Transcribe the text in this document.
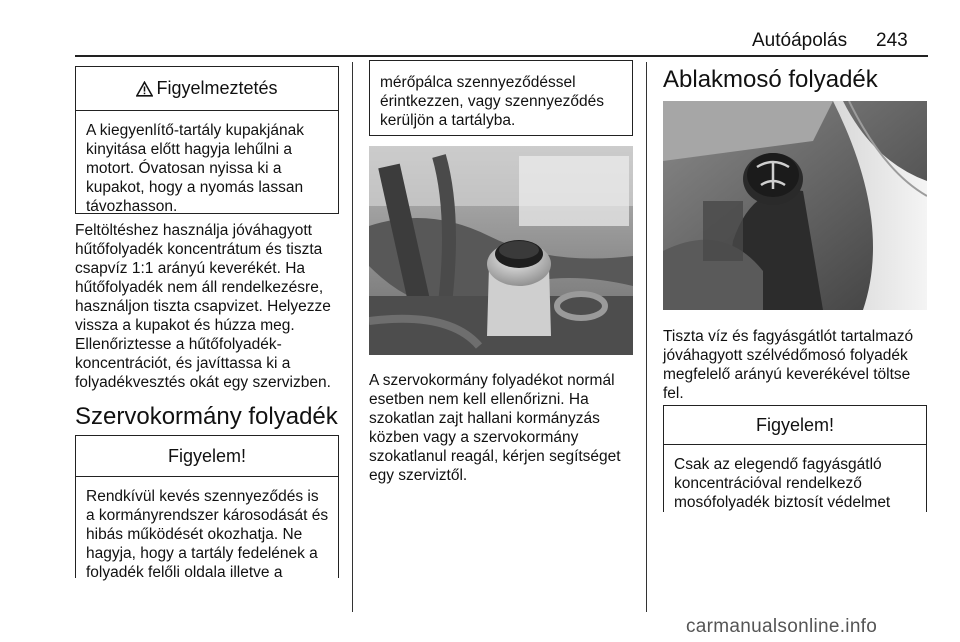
Autóápolás 243
Figyelmeztetés
A kiegyenlítő-tartály kupakjának kinyitása előtt hagyja lehűlni a motort. Óvatosan nyissa ki a kupakot, hogy a nyomás lassan távozhasson.
Feltöltéshez használja jóváhagyott hűtőfolyadék koncentrátum és tiszta csapvíz 1:1 arányú keverékét. Ha hűtőfolyadék nem áll rendelkezésre, használjon tiszta csapvizet. Helyezze vissza a kupakot és húzza meg. Ellenőriztesse a hűtőfolyadék-koncentrációt, és javíttassa ki a folyadékvesztés okát egy szervizben.
Szervokormány folyadék
Figyelem!
Rendkívül kevés szennyeződés is a kormányrendszer károsodását és hibás működését okozhatja. Ne hagyja, hogy a tartály fedelének a folyadék felőli oldala illetve a
mérőpálca szennyeződéssel érintkezzen, vagy szennyeződés kerüljön a tartályba.
A szervokormány folyadékot normál esetben nem kell ellenőrizni. Ha szokatlan zajt hallani kormányzás közben vagy a szervokormány szokatlanul reagál, kérjen segítséget egy szerviztől.
Ablakmosó folyadék
Tiszta víz és fagyásgátlót tartalmazó jóváhagyott szélvédőmosó folyadék megfelelő arányú keverékével töltse fel.
Figyelem!
Csak az elegendő fagyásgátló koncentrációval rendelkező mosófolyadék biztosít védelmet
carmanualsonline.info
